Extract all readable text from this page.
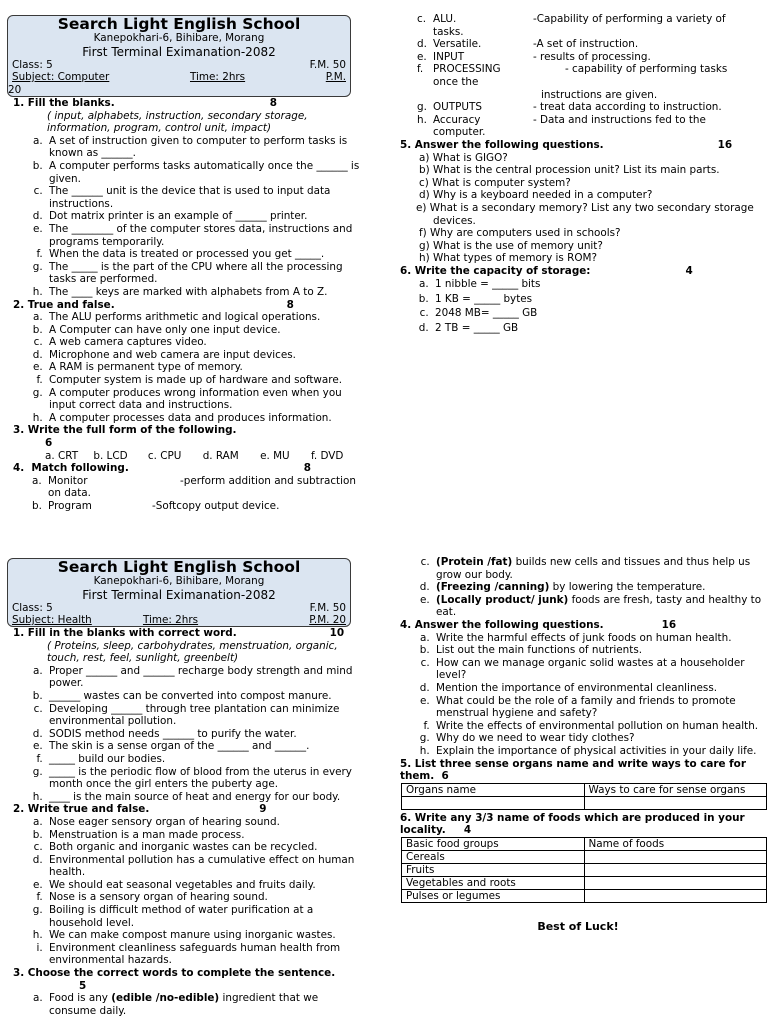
Search Light English School
Kanepokhari-6, Bihibare, Morang
First Terminal Eximanation-2082
Class: 5	F.M. 50
Subject: Computer	Time: 2hrs	P.M.
20
1. Fill the blanks.	8
( input, alphabets, instruction, secondary storage, information, program, control unit, impact)
a. A set of instruction given to computer to perform tasks is known as ______.
b. A computer performs tasks automatically once the ______ is given.
c. The ______ unit is the device that is used to input data instructions.
d. Dot matrix printer is an example of ______ printer.
e. The ________ of the computer stores data, instructions and programs temporarily.
f. When the data is treated or processed you get _____.
g. The _____ is the part of the CPU where all the processing tasks are performed.
h. The ____ keys are marked with alphabets from A to Z.
2. True and false.	8
a. The ALU performs arithmetic and logical operations.
b. A Computer can have only one input device.
c. A web camera captures video.
d. Microphone and web camera are input devices.
e. A RAM is permanent type of memory.
f. Computer system is made up of hardware and software.
g. A computer produces wrong information even when you input correct data and instructions.
h. A computer processes data and produces information.
3. Write the full form of the following.
6
a. CRT b. LCD c. CPU d. RAM e. MU f. DVD
4.  Match following.	8
a. Monitor	-perform addition and subtraction
on data.
b. Program	-Softcopy output device.
c. ALU.	-Capability of performing a variety of
tasks.
d. Versatile.	-A set of instruction.
e. INPUT	- results of processing.
f. PROCESSING	- capability of performing tasks
once the
instructions are given.
g. OUTPUTS	- treat data according to instruction.
h. Accuracy	- Data and instructions fed to the
computer.
5. Answer the following questions.	16
a) What is GIGO?
b) What is the central procession unit? List its main parts.
c) What is computer system?
d) Why is a keyboard needed in a computer?
e) What is a secondary memory? List any two secondary storage devices.
f) Why are computers used in schools?
g) What is the use of memory unit?
h) What types of memory is ROM?
6. Write the capacity of storage:	4
a. 1 nibble = _____ bits
b. 1 KB = _____ bytes
c. 2048 MB= _____ GB
d. 2 TB = _____ GB
Search Light English School
Kanepokhari-6, Bihibare, Morang
First Terminal Eximanation-2082
Class: 5	F.M. 50
Subject: Health	Time: 2hrs	P.M. 20
1. Fill in the blanks with correct word.	10
( Proteins, sleep, carbohydrates, menstruation, organic, touch, rest, feel, sunlight, greenbelt)
a. Proper ______ and ______ recharge body strength and mind power.
b. ______ wastes can be converted into compost manure.
c. Developing ______ through tree plantation can minimize environmental pollution.
d. SODIS method needs ______ to purify the water.
e. The skin is a sense organ of the ______ and ______.
f. _____ build our bodies.
g. _____ is the periodic flow of blood from the uterus in every month once the girl enters the puberty age.
h. ____ is the main source of heat and energy for our body.
2. Write true and false.	9
a. Nose eager sensory organ of hearing sound.
b. Menstruation is a man made process.
c. Both organic and inorganic wastes can be recycled.
d. Environmental pollution has a cumulative effect on human health.
e. We should eat seasonal vegetables and fruits daily.
f. Nose is a sensory organ of hearing sound.
g. Boiling is difficult method of water purification at a household level.
h. We can make compost manure using inorganic wastes.
i. Environment cleanliness safeguards human health from environmental hazards.
3. Choose the correct words to complete the sentence.
5
a. Food is any (edible /no-edible) ingredient that we consume daily.
c. (Protein /fat) builds new cells and tissues and thus help us grow our body.
d. (Freezing /canning) by lowering the temperature.
e. (Locally product/ junk) foods are fresh, tasty and healthy to eat.
4. Answer the following questions.	16
a. Write the harmful effects of junk foods on human health.
b. List out the main functions of nutrients.
c. How can we manage organic solid wastes at a householder level?
d. Mention the importance of environmental cleanliness.
e. What could be the role of a family and friends to promote menstrual hygiene and safety?
f. Write the effects of environmental pollution on human health.
g. Why do we need to wear tidy clothes?
h. Explain the importance of physical activities in your daily life.
5. List three sense organs name and write ways to care for them. 6
Organs name	Ways to care for sense organs

6. Write any 3/3 name of foods which are produced in your locality. 4
Basic food groups	Name of foods
Cereals	
Fruits	
Vegetables and roots	
Pulses or legumes	
Best of Luck!
